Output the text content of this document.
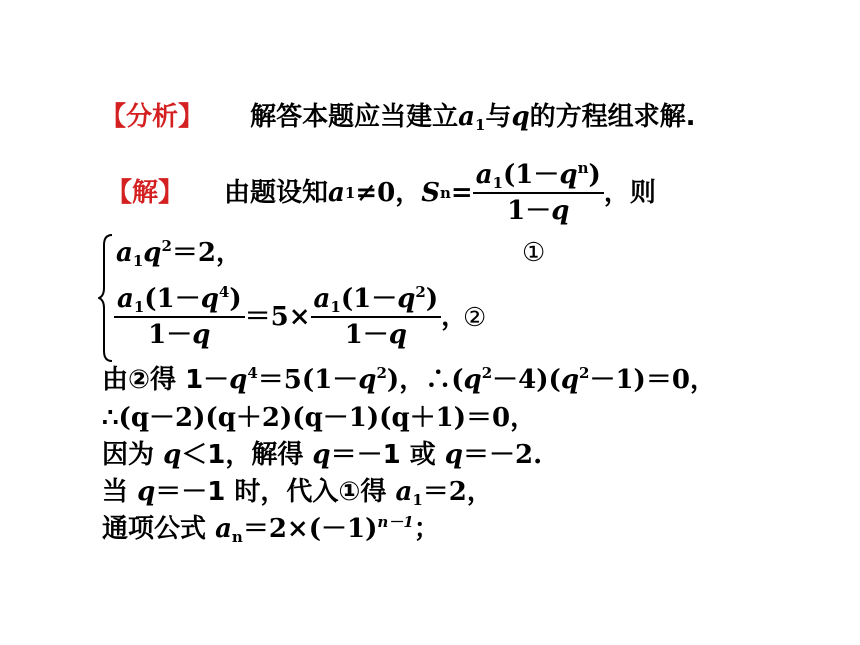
【分析】 解答本题应当建立$a_1$与q的方程组求解.
【解】 由题设知 a 1 ≠0， S $n = \frac{a_1(1-q^n)}{1-q}$ ，则
$a_1q^2=2$，	①
$\frac{a_1(1-q^4)}{1-q} =5\times \frac{a_1(1-q^2)}{1-q}$ ，
②
由②得 $1-q^4=5(1-q^2)$，$\therefore(q^2-4)(q^2-1)=0$，
∴(q－2)(q＋2)(q－1)(q＋1)＝0，
因为 q＜1，解得 q＝－1 或 q＝－2.
当 q＝－1 时，代入①得 $a_1=2$，
通项公式 $a_n=2\times(-1)^{n-1}$；
